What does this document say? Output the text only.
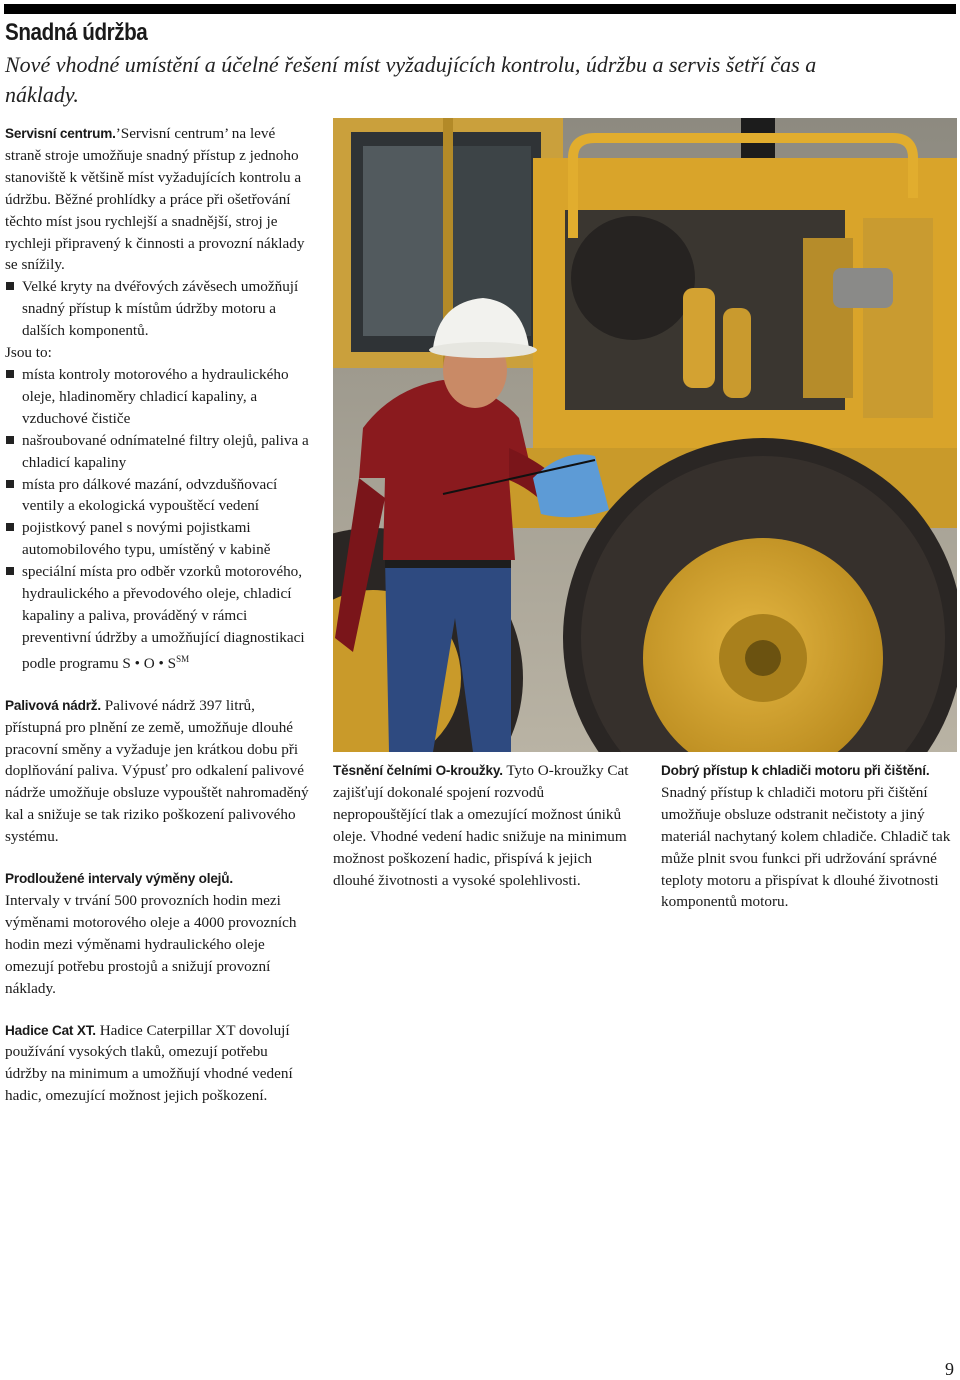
Snadná údržba

Nové vhodné umístění a účelné řešení míst vyžadujících kontrolu, údržbu a servis šetří čas a náklady.

Servisní centrum.’Servisní centrum’ na levé straně stroje umožňuje snadný přístup z jednoho stanoviště k většině míst vyžadujících kontrolu a údržbu. Běžné prohlídky a práce při ošetřování těchto míst jsou rychlejší a snadnější, stroj je rychleji připravený k činnosti a provozní náklady se snížily.

Velké kryty na dvéřových závěsech umožňují snadný přístup k místům údržby motoru a dalších komponentů.

Jsou to:

místa kontroly motorového a hydraulického oleje, hladinoměry chladicí kapaliny, a vzduchové čističe
našroubované odnímatelné filtry olejů, paliva a chladicí kapaliny
místa pro dálkové mazání, odvzdušňovací ventily a ekologická vypouštěcí vedení
pojistkový panel s novými pojistkami automobilového typu, umístěný v kabině
speciální místa pro odběr vzorků motorového, hydraulického a převodového oleje, chladicí kapaliny a paliva, prováděný v rámci preventivní údržby a umožňující diagnostikaci podle programu S • O • S℠

Palivová nádrž. Palivové nádrž 397 litrů, přístupná pro plnění ze země, umožňuje dlouhé pracovní směny a vyžaduje jen krátkou dobu při doplňování paliva. Výpusť pro odkalení palivové nádrže umožňuje obsluze vypouštět nahromaděný kal a snižuje se tak riziko poškození palivového systému.

Prodloužené intervaly výměny olejů.
Intervaly v trvání 500 provozních hodin mezi výměnami motorového oleje a 4000 provozních hodin mezi výměnami hydraulického oleje omezují potřebu prostojů a snižují provozní náklady.

Hadice Cat XT. Hadice Caterpillar XT dovolují používání vysokých tlaků, omezují potřebu údržby na minimum a umožňují vhodné vedení hadic, omezující možnost jejich poškození.

Těsnění čelními O-kroužky. Tyto O-kroužky Cat zajišťují dokonalé spojení rozvodů nepropouštějící tlak a omezující možnost úniků oleje. Vhodné vedení hadic snižuje na minimum možnost poškození hadic, přispívá k jejich dlouhé životnosti a vysoké spolehlivosti.

Dobrý přístup k chladiči motoru při čištění.
Snadný přístup k chladiči motoru při čištění umožňuje obsluze odstranit nečistoty a jiný materiál nachytaný kolem chladiče. Chladič tak může plnit svou funkci při udržování správné teploty motoru a přispívat k dlouhé životnosti komponentů motoru.

9
